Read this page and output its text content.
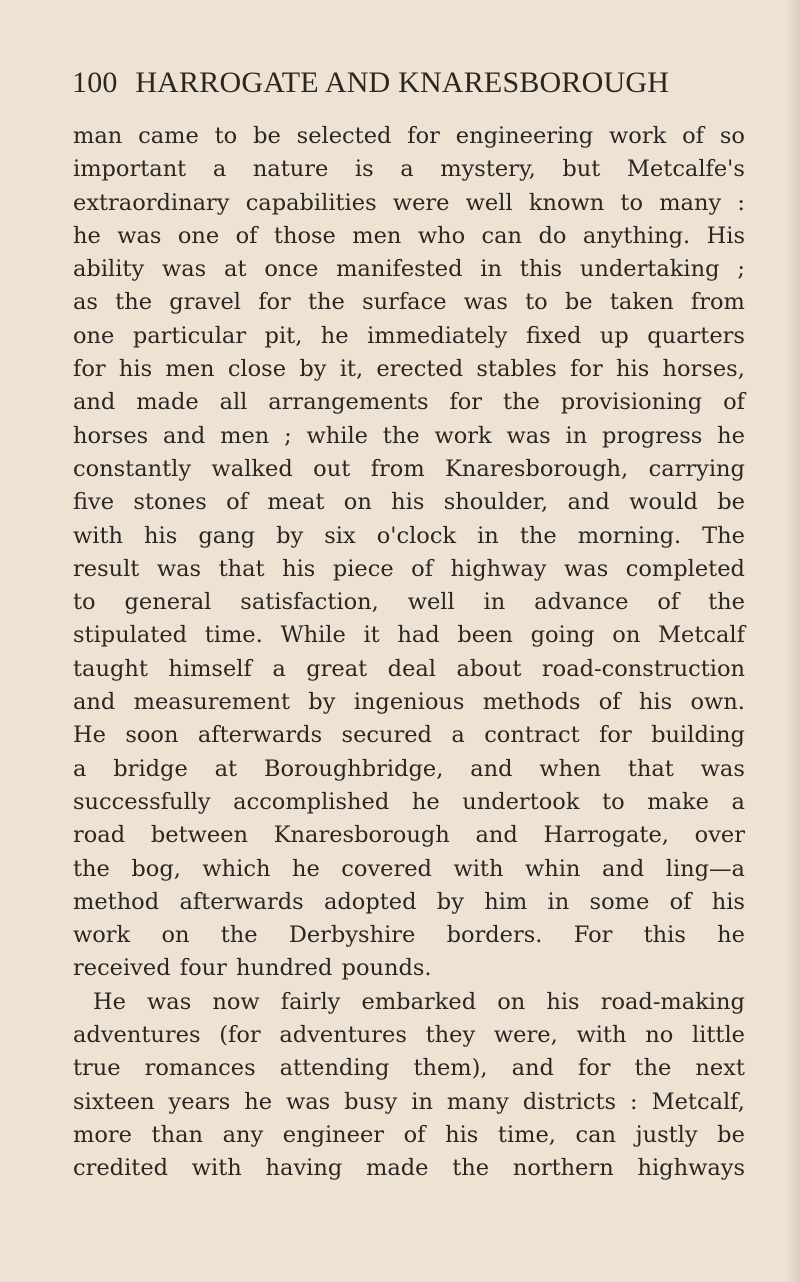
100 HARROGATE AND KNARESBOROUGH
man came to be selected for engineering work of so
important a nature is a mystery, but Metcalfe's
extraordinary capabilities were well known to many :
he was one of those men who can do anything. His
ability was at once manifested in this undertaking ;
as the gravel for the surface was to be taken from
one particular pit, he immediately fixed up quarters
for his men close by it, erected stables for his horses,
and made all arrangements for the provisioning of
horses and men ; while the work was in progress he
constantly walked out from Knaresborough, carrying
five stones of meat on his shoulder, and would be
with his gang by six o'clock in the morning. The
result was that his piece of highway was completed
to general satisfaction, well in advance of the
stipulated time. While it had been going on Metcalf
taught himself a great deal about road-construction
and measurement by ingenious methods of his own.
He soon afterwards secured a contract for building
a bridge at Boroughbridge, and when that was
successfully accomplished he undertook to make a
road between Knaresborough and Harrogate, over
the bog, which he covered with whin and ling—a
method afterwards adopted by him in some of his
work on the Derbyshire borders. For this he
received four hundred pounds.
He was now fairly embarked on his road-making
adventures (for adventures they were, with no little
true romances attending them), and for the next
sixteen years he was busy in many districts : Metcalf,
more than any engineer of his time, can justly be
credited with having made the northern highways
